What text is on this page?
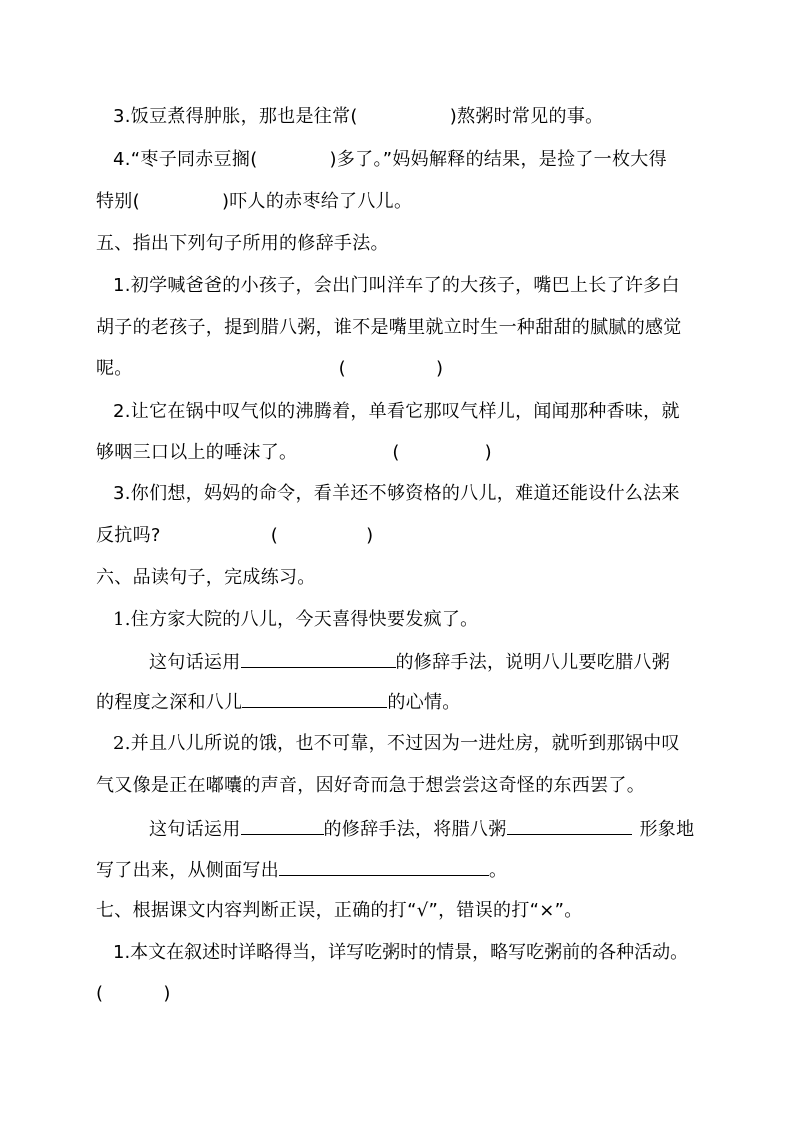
3.饭豆煮得肿胀，那也是往常(	)熬粥时常见的事。
4.“枣子同赤豆搁(	)多了。”妈妈解释的结果，是捡了一枚大得
特别(	)吓人的赤枣给了八儿。
五、指出下列句子所用的修辞手法。
1.初学喊爸爸的小孩子，会出门叫洋车了的大孩子，嘴巴上长了许多白
胡子的老孩子，提到腊八粥，谁不是嘴里就立时生一种甜甜的腻腻的感觉
呢。	(	)
2.让它在锅中叹气似的沸腾着，单看它那叹气样儿，闻闻那种香味，就
够咽三口以上的唾沫了。	(	)
3.你们想，妈妈的命令，看羊还不够资格的八儿，难道还能设什么法来
反抗吗?	(	)
六、品读句子，完成练习。
1.住方家大院的八儿，今天喜得快要发疯了。
这句话运用	的修辞手法，说明八儿要吃腊八粥
的程度之深和八儿	的心情。
2.并且八儿所说的饿，也不可靠，不过因为一进灶房，就听到那锅中叹
气又像是正在嘟囔的声音，因好奇而急于想尝尝这奇怪的东西罢了。
这句话运用	的修辞手法，将腊八粥	形象地
写了出来，从侧面写出	。
七、根据课文内容判断正误，正确的打“√”，错误的打“×”。
1.本文在叙述时详略得当，详写吃粥时的情景，略写吃粥前的各种活动。
(	)
